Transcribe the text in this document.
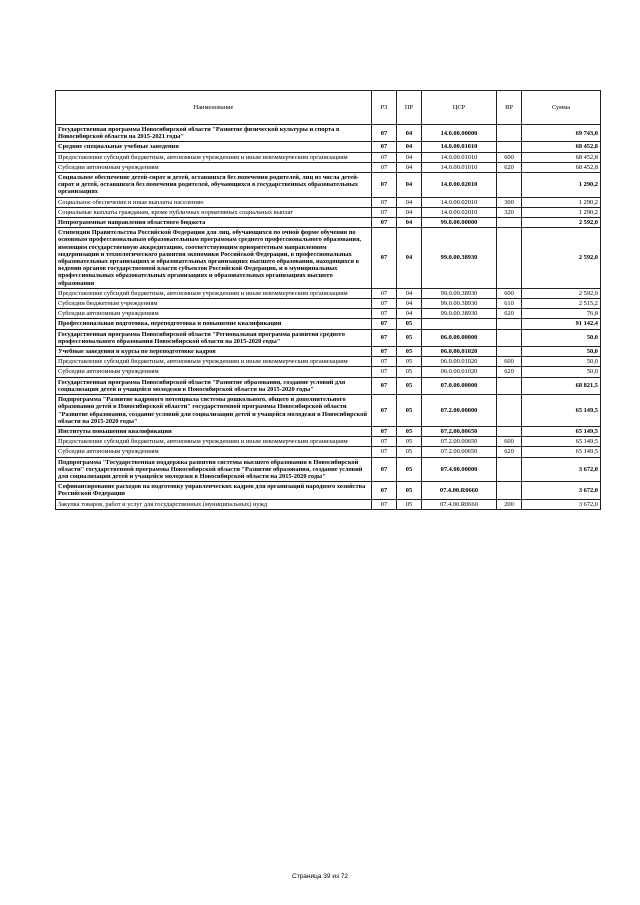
Наименование	РЗ	ПР	ЦСР	ВР	Сумма
Государственная программа Новосибирской области "Развитие физической культуры и спорта в Новосибирской области на 2015-2021 годы"	07	04	14.0.00.00000		69 743,0
Средние специальные учебные заведения	07	04	14.0.00.01010		68 452,8
Предоставление субсидий бюджетным, автономным учреждениям и иным некоммерческим организациям	07	04	14.0.00.01010	600	68 452,8
Субсидии автономным учреждениям	07	04	14.0.00.01010	620	68 452,8
Социальное обеспечение детей-сирот и детей, оставшихся без попечения родителей, лиц из числа детей-сирот и детей, оставшихся без попечения родителей, обучающихся в государственных образовательных организациях	07	04	14.0.00.02010		1 290,2
Социальное обеспечение и иные выплаты населению	07	04	14.0.00.02010	300	1 290,2
Социальные выплаты гражданам, кроме публичных нормативных социальных выплат	07	04	14.0.00.02010	320	1 290,2
Непрограммные направления областного бюджета	07	04	99.0.00.00000		2 592,0
Стипендии Правительства Российской Федерации для лиц, обучающихся по очной форме обучения по основным профессиональным образовательным программам среднего профессионального образования, имеющим государственную аккредитацию, соответствующим приоритетным направлениям модернизации и технологического развития экономики Российской Федерации, в профессиональных образовательных организациях и образовательных организациях высшего образования, находящихся в ведении органов государственной власти субъектов Российской Федерации, и в муниципальных профессиональных образовательных организациях и образовательных организациях высшего образования	07	04	99.0.00.38930		2 592,0
Предоставление субсидий бюджетным, автономным учреждениям и иным некоммерческим организациям	07	04	99.0.00.38930	600	2 592,0
Субсидии бюджетным учреждениям	07	04	99.0.00.38930	610	2 515,2
Субсидии автономным учреждениям	07	04	99.0.00.38930	620	76,8
Профессиональная подготовка, переподготовка и повышение квалификации	07	05			91 142,4
Государственная программа Новосибирской области "Региональная программа развития среднего профессионального образования Новосибирской области на 2015-2020 годы"	07	05	06.0.00.00000		50,0
Учебные заведения и курсы по переподготовке кадров	07	05	06.0.00.01020		50,0
Предоставление субсидий бюджетным, автономным учреждениям и иным некоммерческим организациям	07	05	06.0.00.01020	600	50,0
Субсидии автономным учреждениям	07	05	06.0.00.01020	620	50,0
Государственная программа Новосибирской области "Развитие образования, создание условий для социализации детей и учащейся молодежи в Новосибирской области на 2015-2020 годы"	07	05	07.0.00.00000		68 821,5
Подпрограмма "Развитие кадрового потенциала системы дошкольного, общего и дополнительного образования детей в Новосибирской области" государственной программы Новосибирской области "Развитие образования, создание условий для социализации детей и учащейся молодежи в Новосибирской области на 2015-2020 годы"	07	05	07.2.00.00000		65 149,5
Институты повышения квалификации	07	05	07.2.00.00650		65 149,5
Предоставление субсидий бюджетным, автономным учреждениям и иным некоммерческим организациям	07	05	07.2.00.00650	600	65 149,5
Субсидии автономным учреждениям	07	05	07.2.00.00650	620	65 149,5
Подпрограмма "Государственная поддержка развития системы высшего образования в Новосибирской области" государственной программы Новосибирской области "Развитие образования, создание условий для социализации детей и учащейся молодежи в Новосибирской области на 2015-2020 годы"	07	05	07.4.00.00000		3 672,0
Софинансирование расходов на подготовку управленческих кадров для организаций народного хозяйства Российской Федерации	07	05	07.4.00.R0660		3 672,0
Закупка товаров, работ и услуг для государственных (муниципальных) нужд	07	05	07.4.00.R0660	200	3 672,0
Страница 39 из 72
